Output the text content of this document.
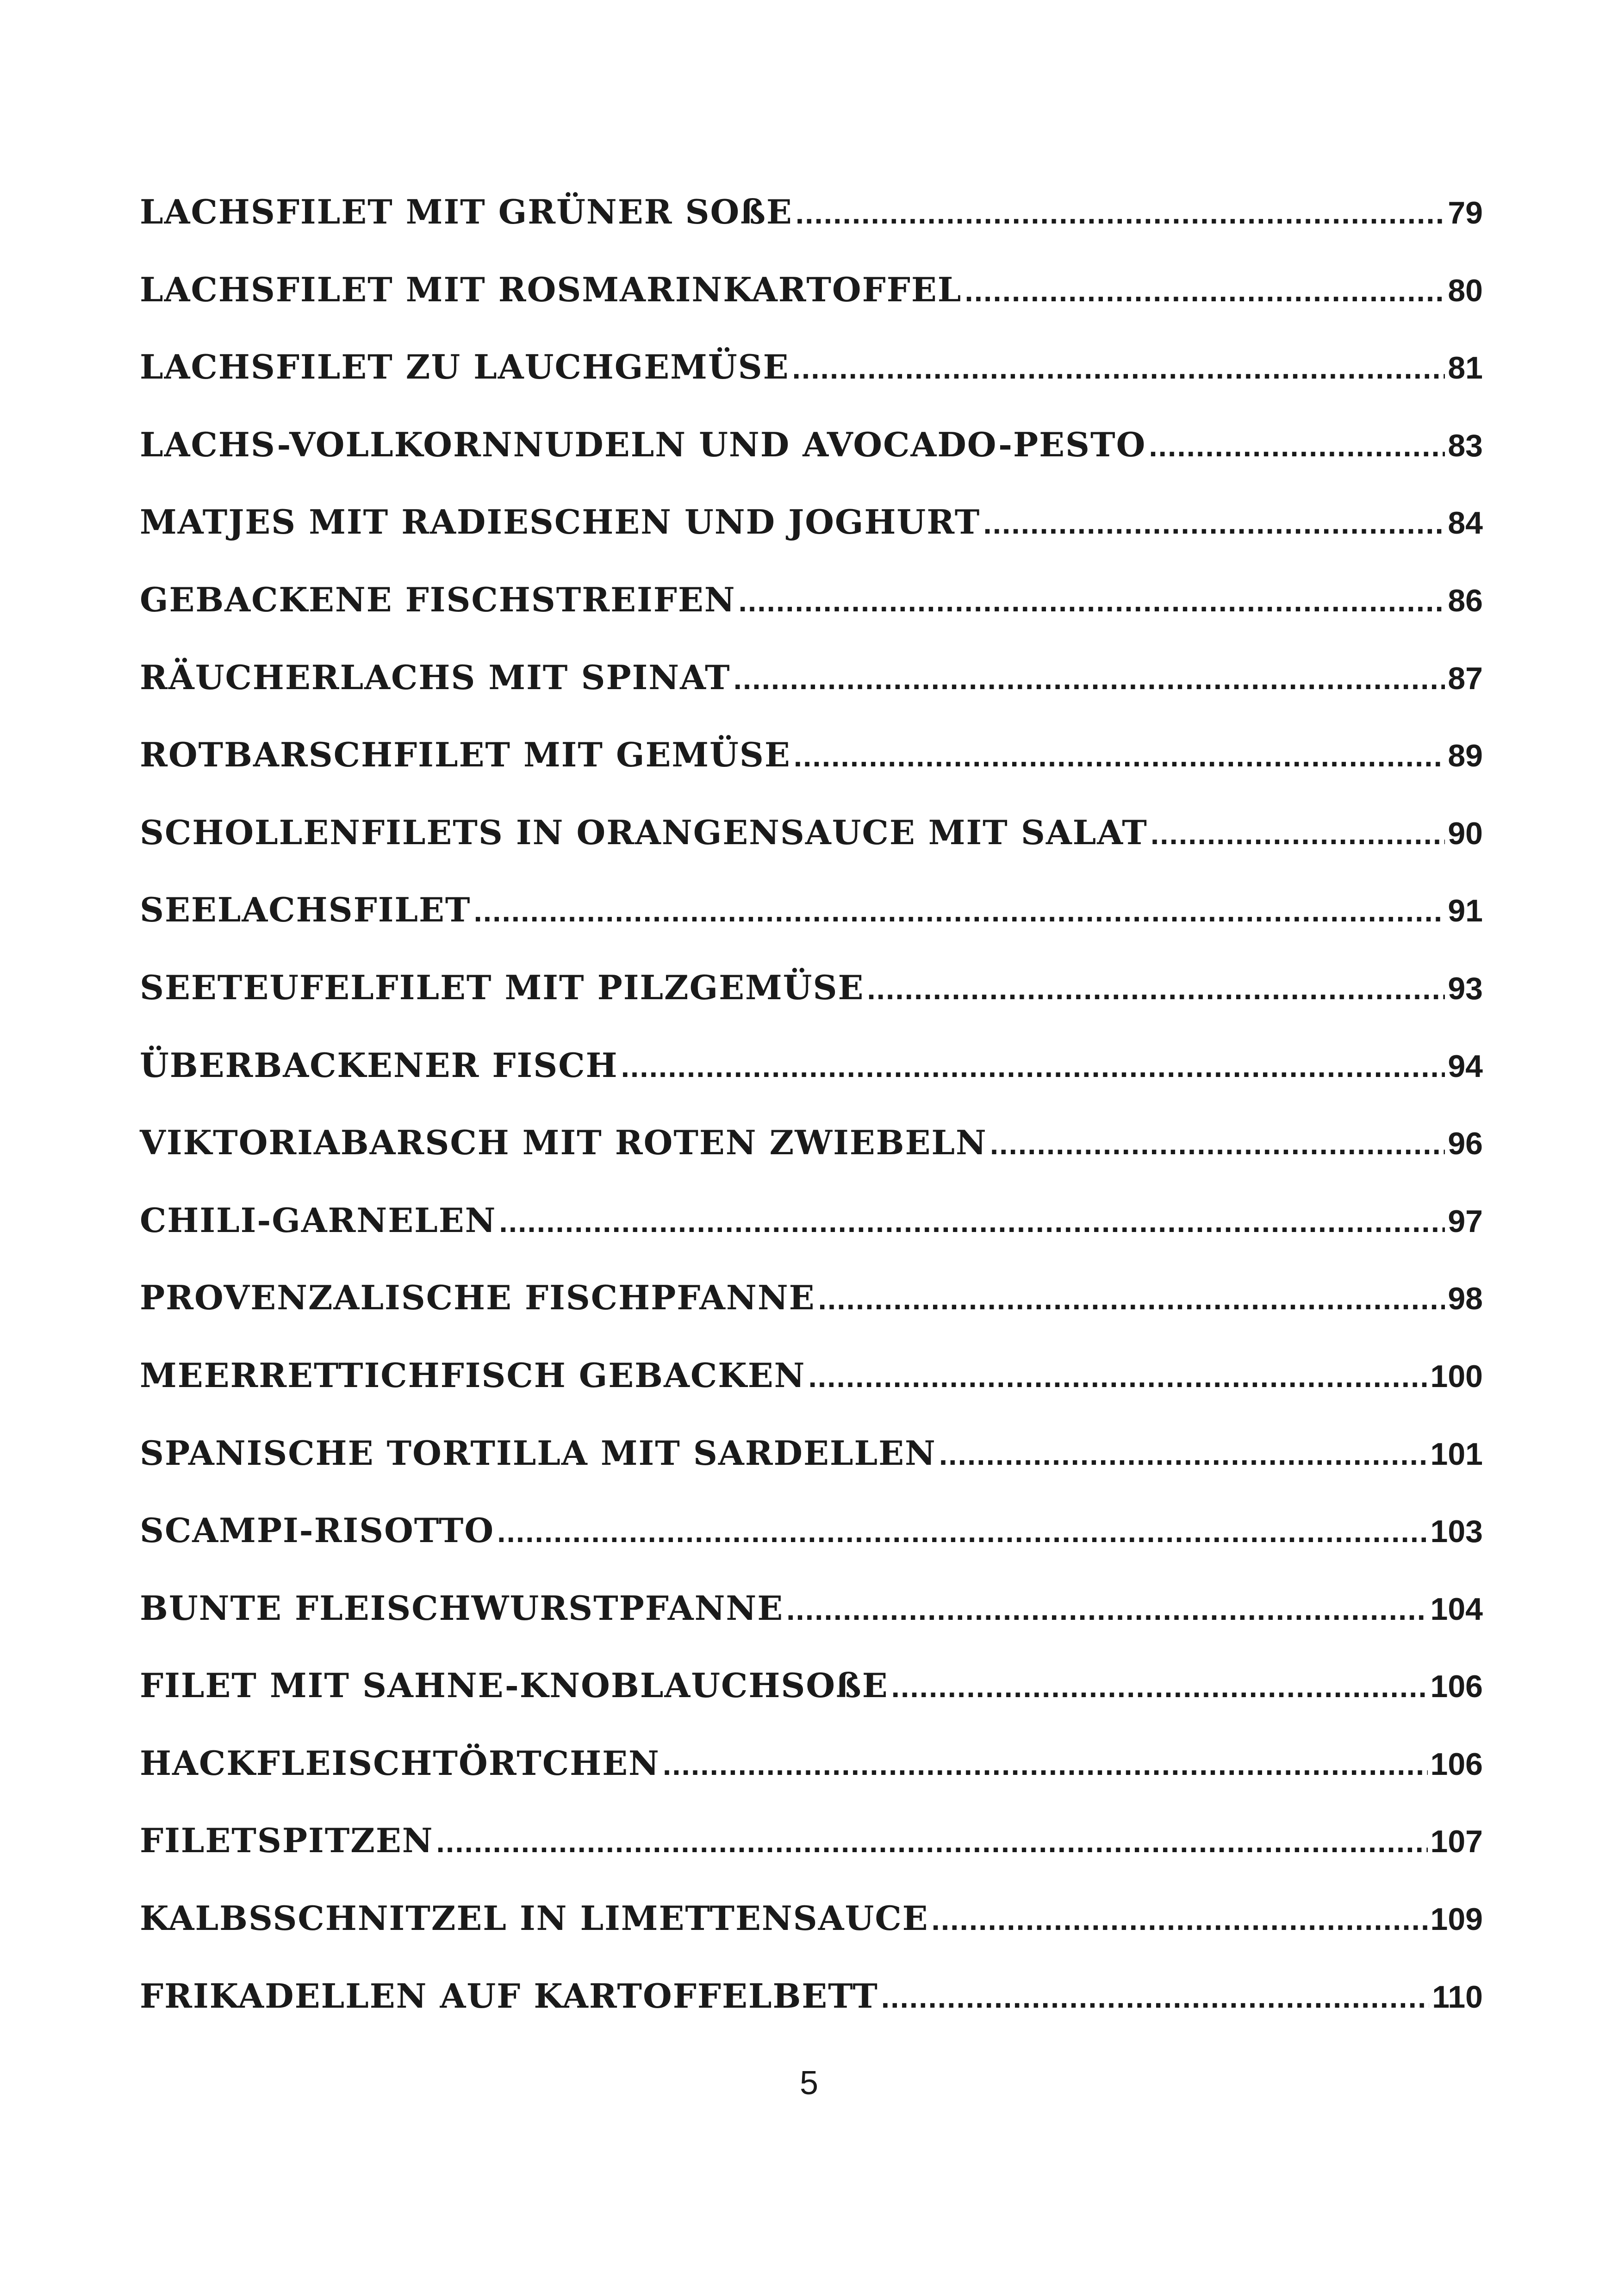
LACHSFILET MIT GRÜNER SOßE .....	79
LACHSFILET MIT ROSMARINKARTOFFEL .....	80
LACHSFILET ZU LAUCHGEMÜSE .....	81
LACHS-VOLLKORNNUDELN UND AVOCADO-PESTO .....	83
MATJES MIT RADIESCHEN UND JOGHURT .....	84
GEBACKENE FISCHSTREIFEN .....	86
RÄUCHERLACHS MIT SPINAT .....	87
ROTBARSCHFILET MIT GEMÜSE .....	89
SCHOLLENFILETS IN ORANGENSAUCE MIT SALAT .....	90
SEELACHSFILET .....	91
SEETEUFELFILET MIT PILZGEMÜSE .....	93
ÜBERBACKENER FISCH .....	94
VIKTORIABARSCH MIT ROTEN ZWIEBELN .....	96
CHILI-GARNELEN .....	97
PROVENZALISCHE FISCHPFANNE .....	98
MEERRETTICHFISCH GEBACKEN .....	100
SPANISCHE TORTILLA MIT SARDELLEN .....	101
SCAMPI-RISOTTO .....	103
BUNTE FLEISCHWURSTPFANNE .....	104
FILET MIT SAHNE-KNOBLAUCHSOßE .....	106
HACKFLEISCHTÖRTCHEN .....	106
FILETSPITZEN .....	107
KALBSSCHNITZEL IN LIMETTENSAUCE .....	109
FRIKADELLEN AUF KARTOFFELBETT .....	110
5
